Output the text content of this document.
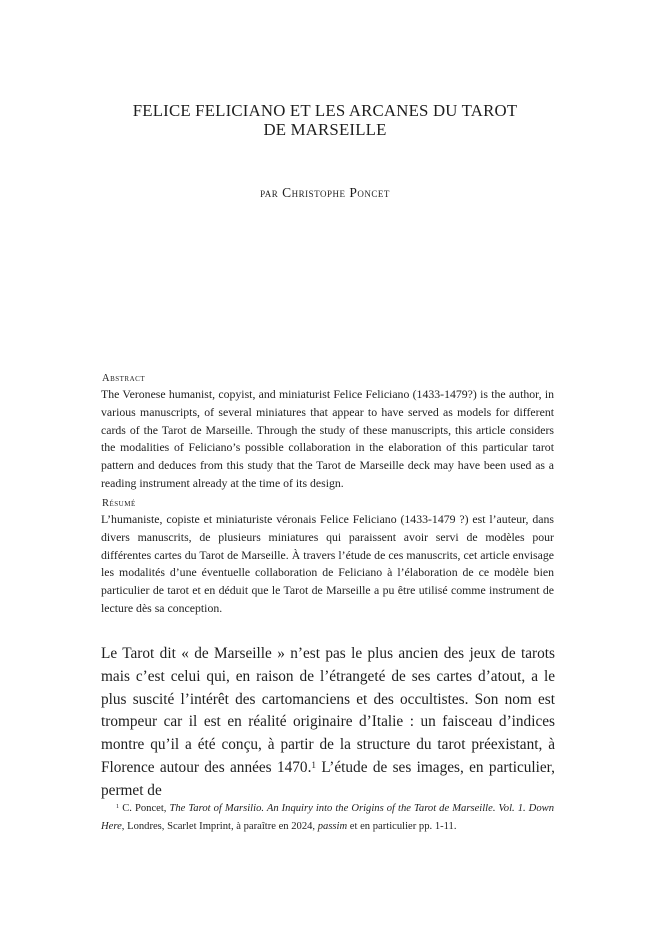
FELICE FELICIANO ET LES ARCANES DU TAROT
DE MARSEILLE
par Christophe Poncet
Abstract
The Veronese humanist, copyist, and miniaturist Felice Feliciano (1433-1479?) is the author, in various manuscripts, of several miniatures that appear to have served as models for different cards of the Tarot de Marseille. Through the study of these manuscripts, this article considers the modalities of Feliciano’s possible collaboration in the elaboration of this particular tarot pattern and deduces from this study that the Tarot de Marseille deck may have been used as a reading instrument already at the time of its design.
Résumé
L’humaniste, copiste et miniaturiste véronais Felice Feliciano (1433-1479 ?) est l’auteur, dans divers manuscrits, de plusieurs miniatures qui paraissent avoir servi de modèles pour différentes cartes du Tarot de Marseille. À travers l’étude de ces manuscrits, cet article envisage les modalités d’une éventuelle collaboration de Feliciano à l’élaboration de ce modèle bien particulier de tarot et en déduit que le Tarot de Marseille a pu être utilisé comme instrument de lecture dès sa conception.
Le Tarot dit « de Marseille » n’est pas le plus ancien des jeux de tarots mais c’est celui qui, en raison de l’étrangeté de ses cartes d’atout, a le plus suscité l’intérêt des cartomanciens et des occultistes. Son nom est trompeur car il est en réalité originaire d’Italie : un faisceau d’indices montre qu’il a été conçu, à partir de la structure du tarot préexistant, à Florence autour des années 1470.$^1$ L’étude de ses images, en particulier, permet de
$^1$ C. Poncet, The Tarot of Marsilio. An Inquiry into the Origins of the Tarot de Marseille. Vol. 1. Down Here, Londres, Scarlet Imprint, à paraître en 2024, passim et en particulier pp. 1-11.
